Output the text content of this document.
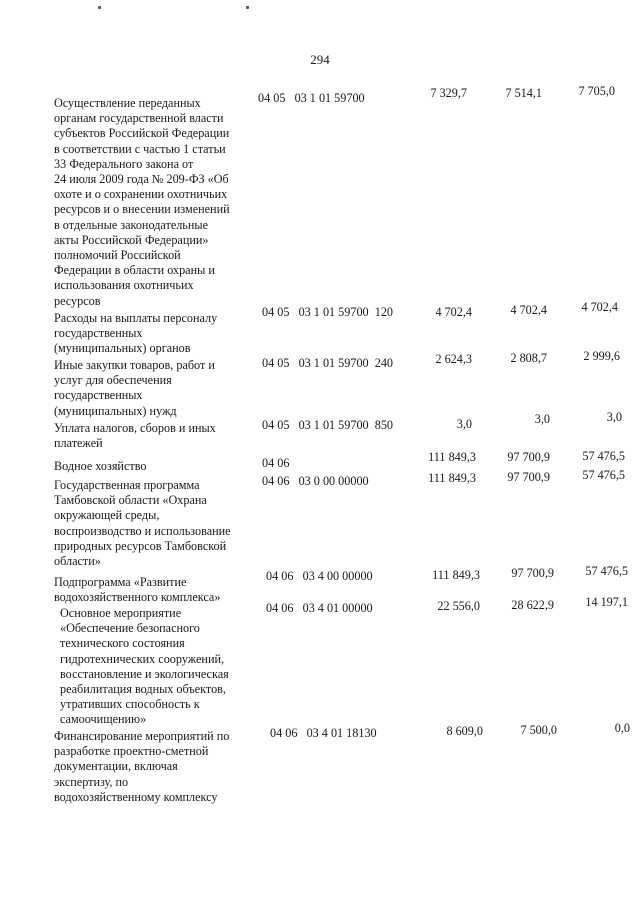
294
Осуществление переданных
органам государственной власти
субъектов Российской Федерации
в соответствии с частью 1 статьи
33 Федерального закона от
24 июля 2009 года № 209-ФЗ «Об
охоте и о сохранении охотничьих
ресурсов и о внесении изменений
в отдельные законодательные
акты Российской Федерации»
полномочий Российской
Федерации в области охраны и
использования охотничьих
ресурсов
04 05   03 1 01 59700	7 329,7	7 514,1	7 705,0
Расходы на выплаты персоналу
государственных
(муниципальных) органов
04 05   03 1 01 59700  120	4 702,4	4 702,4	4 702,4
Иные закупки товаров, работ и
услуг для обеспечения
государственных
(муниципальных) нужд
04 05   03 1 01 59700  240	2 624,3	2 808,7	2 999,6
Уплата налогов, сборов и иных
платежей
04 05   03 1 01 59700  850	3,0	3,0	3,0
Водное хозяйство	04 06	111 849,3	97 700,9	57 476,5
Государственная программа
Тамбовской области «Охрана
окружающей среды,
воспроизводство и использование
природных ресурсов Тамбовской
области»
04 06   03 0 00 00000	111 849,3	97 700,9	57 476,5
Подпрограмма «Развитие
водохозяйственного комплекса»
04 06   03 4 00 00000	111 849,3	97 700,9	57 476,5
Основное мероприятие
«Обеспечение безопасного
технического состояния
гидротехнических сооружений,
восстановление и экологическая
реабилитация водных объектов,
утративших способность к
самоочищению»
04 06   03 4 01 00000	22 556,0	28 622,9	14 197,1
Финансирование мероприятий по
разработке проектно-сметной
документации, включая
экспертизу, по
водохозяйственному комплексу
04 06   03 4 01 18130	8 609,0	7 500,0	0,0
